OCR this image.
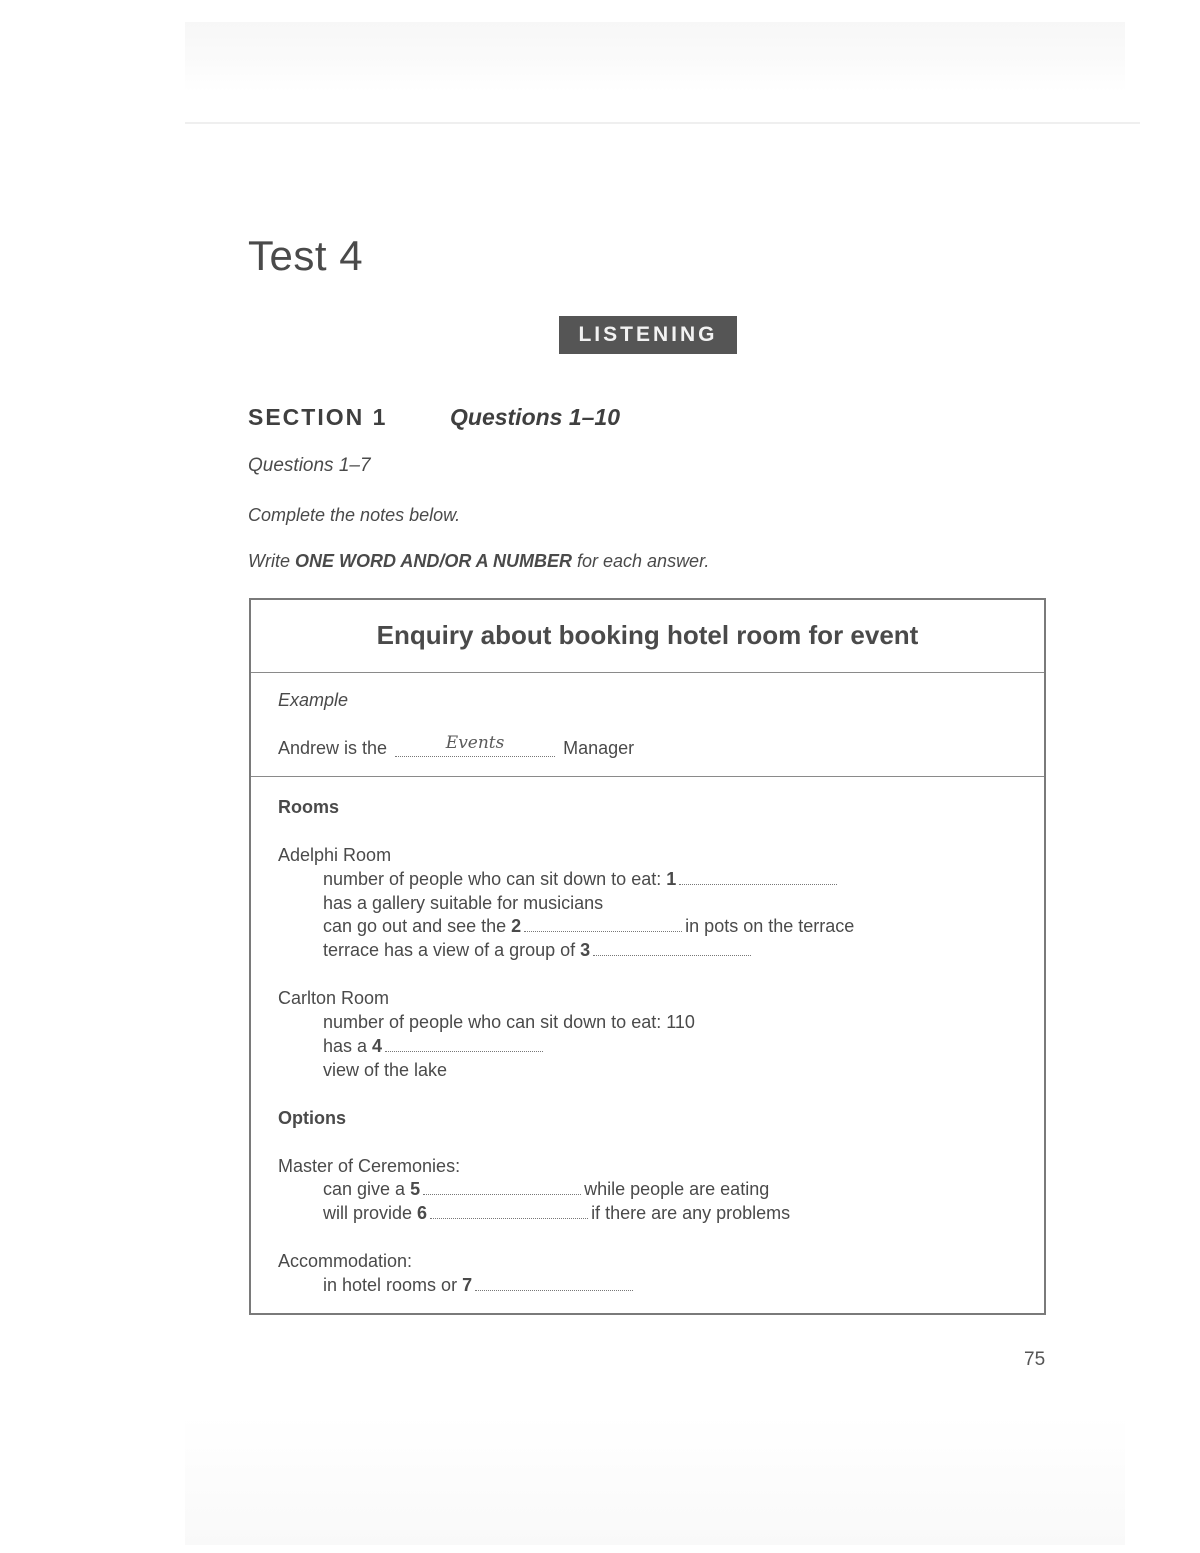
Test 4
LISTENING
SECTION 1	Questions 1–10
Questions 1–7
Complete the notes below.
Write ONE WORD AND/OR A NUMBER for each answer.
Enquiry about booking hotel room for event
Example
Andrew is the	Events	Manager
Rooms
Adelphi Room
number of people who can sit down to eat: 1
has a gallery suitable for musicians
can go out and see the 2	in pots on the terrace
terrace has a view of a group of 3
Carlton Room
number of people who can sit down to eat: 110
has a 4
view of the lake
Options
Master of Ceremonies:
can give a 5	while people are eating
will provide 6	if there are any problems
Accommodation:
in hotel rooms or 7
75
